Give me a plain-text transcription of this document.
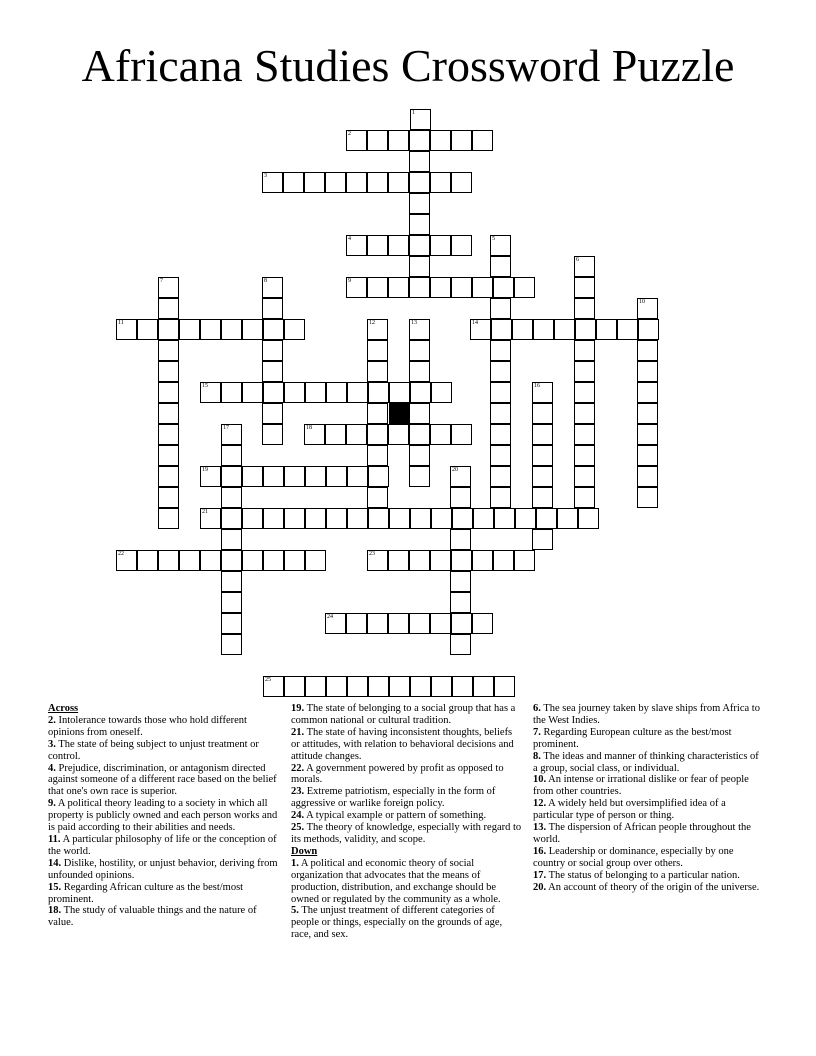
Africana Studies Crossword Puzzle
1
2
3
4	5
6
7	8	9
10
11	12	13	14
15	16
17	18
19	20
21
22	23
24
25

Across

2. Intolerance towards those who hold different opinions from oneself.

3. The state of being subject to unjust treatment or control.

4. Prejudice, discrimination, or antagonism directed against someone of a different race based on the belief that one's own race is superior.

9. A political theory leading to a society in which all property is publicly owned and each person works and is paid according to their abilities and needs.

11. A particular philosophy of life or the conception of the world.

14. Dislike, hostility, or unjust behavior, deriving from unfounded opinions.

15. Regarding African culture as the best/most prominent.

18. The study of valuable things and the nature of value.

19. The state of belonging to a social group that has a common national or cultural tradition.

21. The state of having inconsistent thoughts, beliefs or attitudes, with relation to behavioral decisions and attitude changes.

22. A government powered by profit as opposed to morals.

23. Extreme patriotism, especially in the form of aggressive or warlike foreign policy.

24. A typical example or pattern of something.

25. The theory of knowledge, especially with regard to its methods, validity, and scope.

Down

1. A political and economic theory of social organization that advocates that the means of production, distribution, and exchange should be owned or regulated by the community as a whole.

5. The unjust treatment of different categories of people or things, especially on the grounds of age, race, and sex.

6. The sea journey taken by slave ships from Africa to the West Indies.

7. Regarding European culture as the best/most prominent.

8. The ideas and manner of thinking characteristics of a group, social class, or individual.

10. An intense or irrational dislike or fear of people from other countries.

12. A widely held but oversimplified idea of a particular type of person or thing.

13. The dispersion of African people throughout the world.

16. Leadership or dominance, especially by one country or social group over others.

17. The status of belonging to a particular nation.

20. An account of theory of the origin of the universe.
